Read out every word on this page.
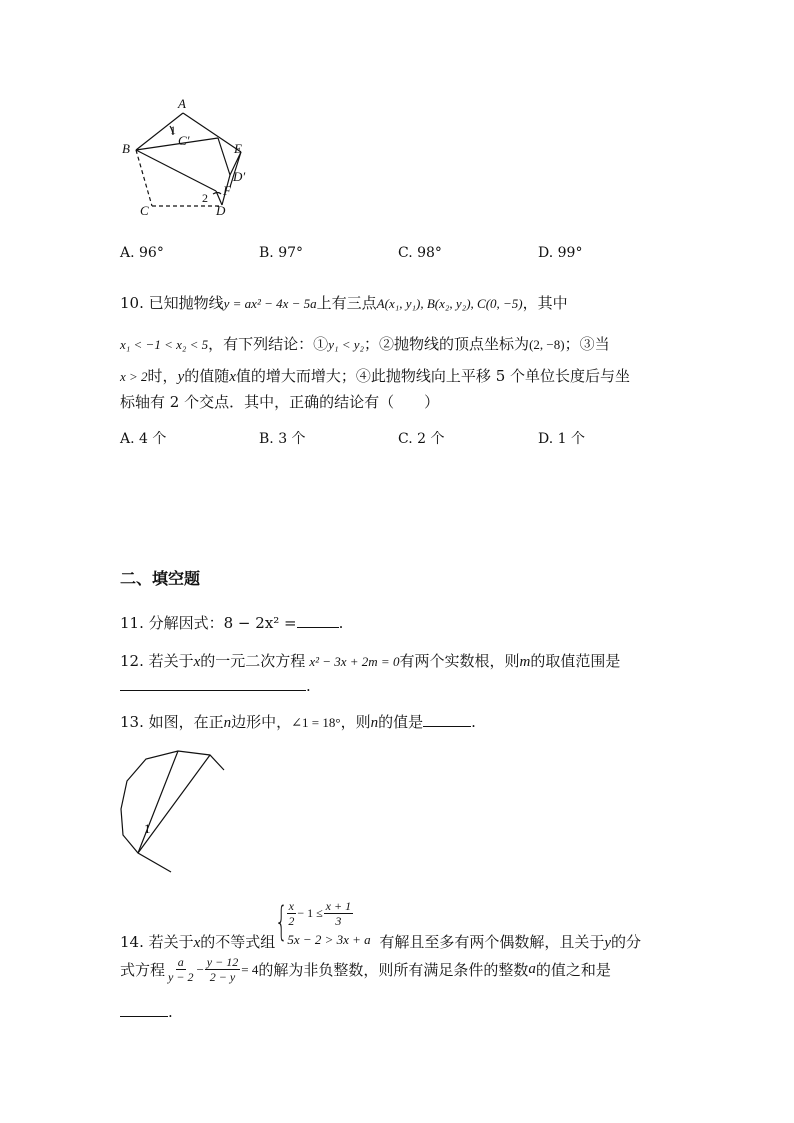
A
B
C	D
E
F
C′
D′
1
2
A. 96°	B. 97°	C. 98°	D. 99°
10. 已知抛物线y = ax² − 4x − 5a上有三点A(x₁, y₁), B(x₂, y₂), C(0, −5)，其中
x₁ < −1 < x₂ < 5，有下列结论：①y₁ < y₂；②抛物线的顶点坐标为(2, −8)；③当
x > 2时，y的值随x值的增大而增大；④此抛物线向上平移 5 个单位长度后与坐
标轴有 2 个交点．其中，正确的结论有（　　）
A. 4 个	B. 3 个	C. 2 个	D. 1 个
二、填空题
11. 分解因式：8 − 2x² =	.
12. 若关于x的一元二次方程 x² − 3x + 2m = 0有两个实数根，则m的取值范围是
.
13. 如图，在正n边形中，∠1 = 18°，则n的值是	.
1
14. 若关于x的不等式组 {
$\frac{x}{2} - 1 \le \frac{x + 1}{3}$
5x − 2 > 3x + a 有解且至多有两个偶数解，且关于y的分
式方程 $\frac{a}{y - 2} - \frac{y - 12}{2 - y} = 4$ 的解为非负整数，则所有满足条件的整数 a 的值之和是
.
